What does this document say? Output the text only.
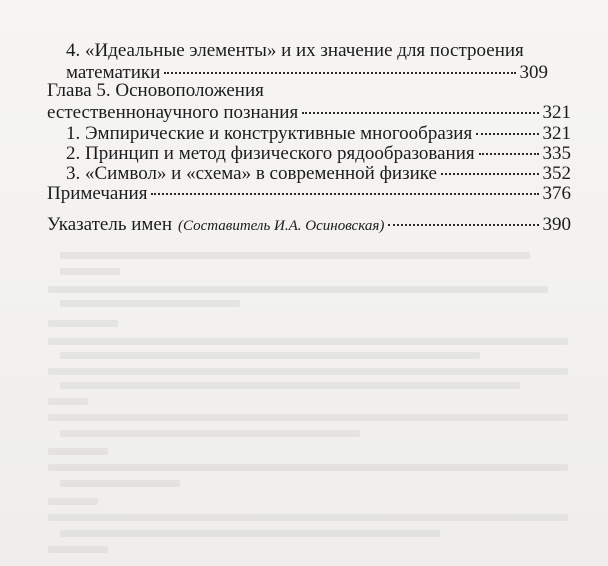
4. «Идеальные элементы» и их значение для построения
математики	309
Глава 5. Основоположения
естественнонаучного познания	321
1. Эмпирические и конструктивные многообразия	321
2. Принцип и метод физического рядообразования	335
3. «Символ» и «схема» в современной физике	352
Примечания	376
Указатель имен (Составитель И.А. Осиновская)	390
